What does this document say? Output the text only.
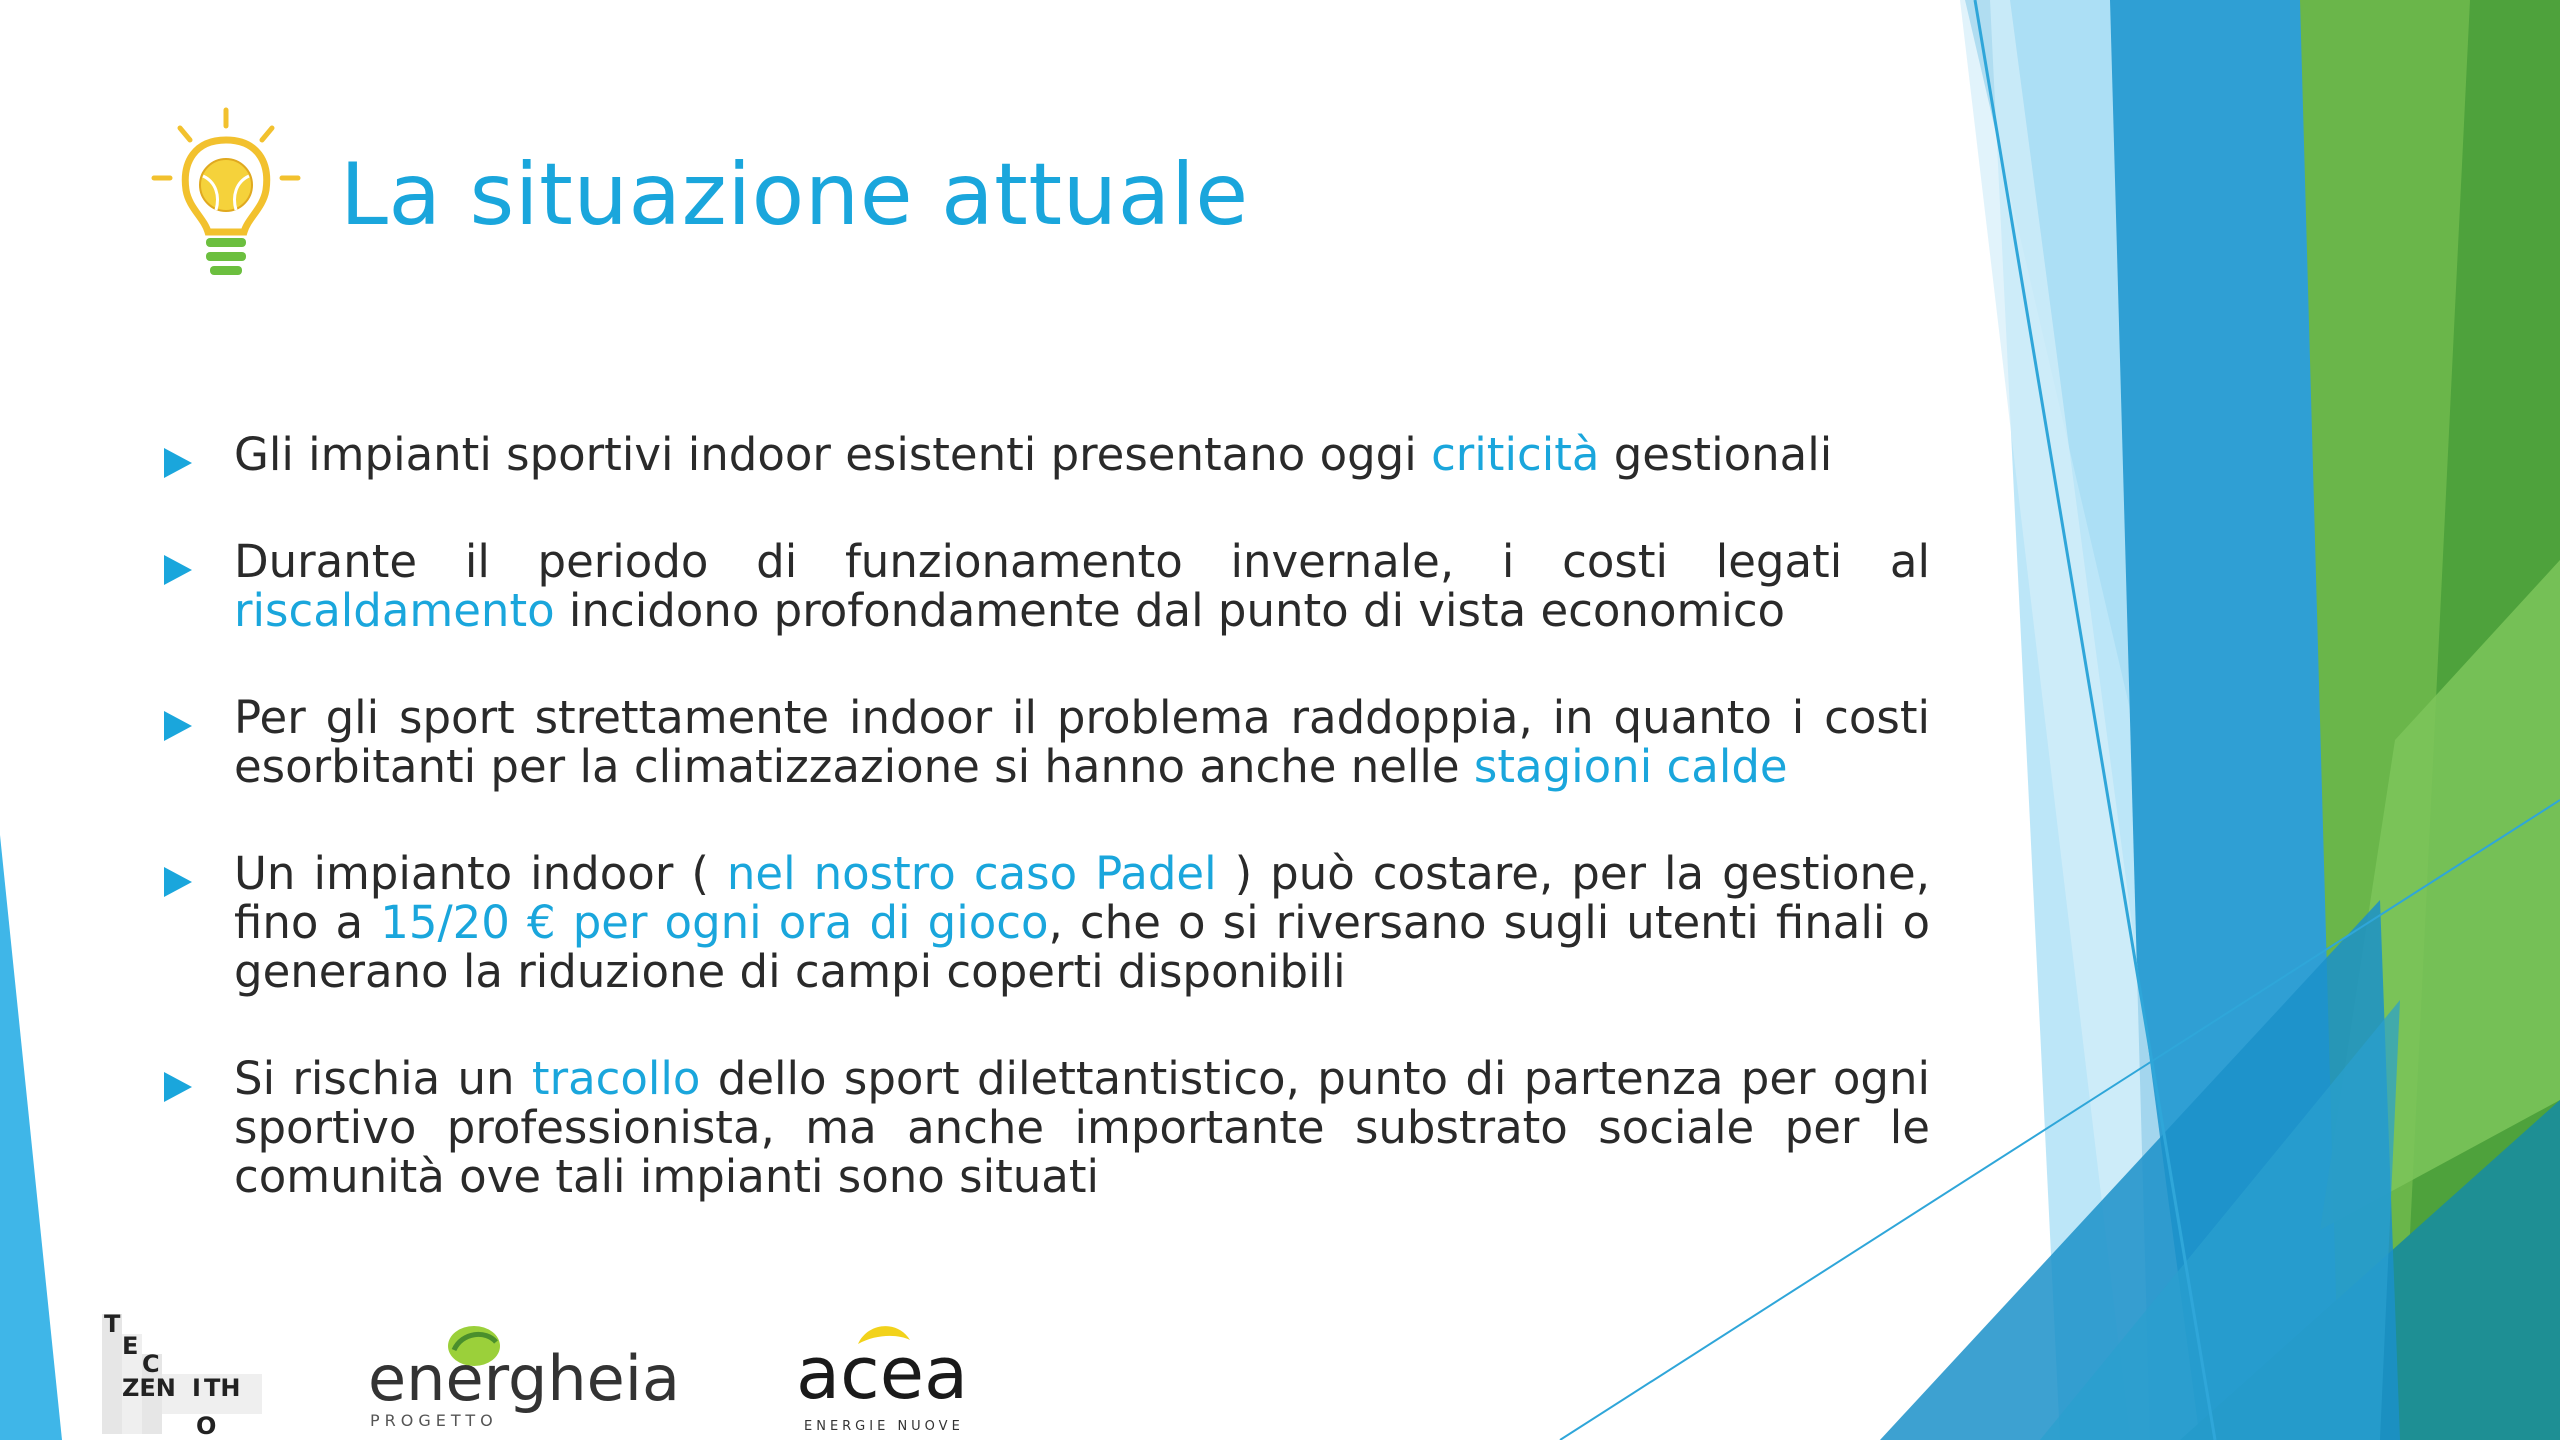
La situazione attuale

Gli impianti sportivi indoor esistenti presentano oggi criticità gestionali

Durante il periodo di funzionamento invernale, i costi legati al riscaldamento incidono profondamente dal punto di vista economico

Per gli sport strettamente indoor il problema raddoppia, in quanto i costi esorbitanti per la climatizzazione si hanno anche nelle stagioni calde

Un impianto indoor ( nel nostro caso Padel ) può costare, per la gestione, fino a 15/20 € per ogni ora di gioco, che o si riversano sugli utenti finali o generano la riduzione di campi coperti disponibili

Si rischia un tracollo dello sport dilettantistico, punto di partenza per ogni sportivo professionista, ma anche importante substrato sociale per le comunità ove tali impianti sono situati

T
E
C
ZEN I TH
O
energheia
PROGETTO
acea
ENERGIE NUOVE
